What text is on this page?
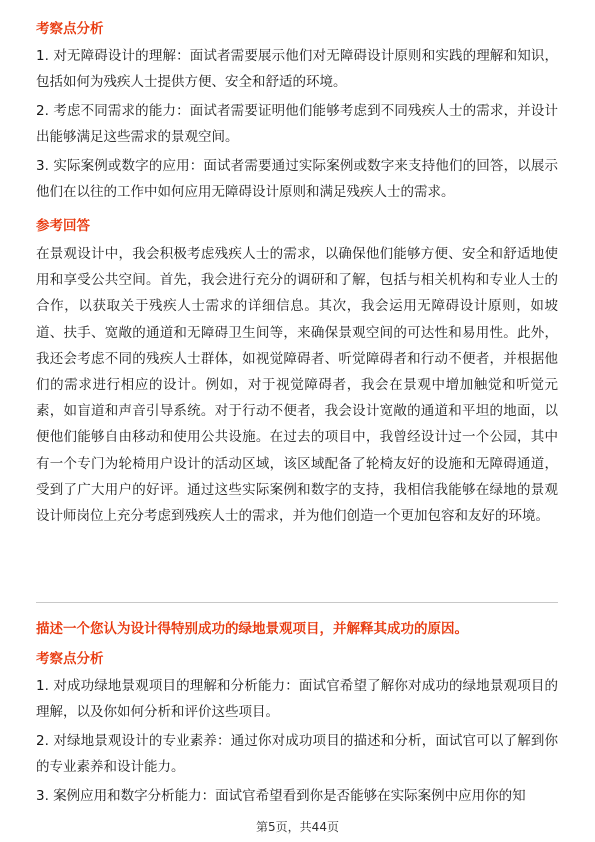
考察点分析

1. 对无障碍设计的理解：面试者需要展示他们对无障碍设计原则和实践的理解和知识，包括如何为残疾人士提供方便、安全和舒适的环境。

2. 考虑不同需求的能力：面试者需要证明他们能够考虑到不同残疾人士的需求，并设计出能够满足这些需求的景观空间。

3. 实际案例或数字的应用：面试者需要通过实际案例或数字来支持他们的回答，以展示他们在以往的工作中如何应用无障碍设计原则和满足残疾人士的需求。

参考回答

在景观设计中，我会积极考虑残疾人士的需求，以确保他们能够方便、安全和舒适地使用和享受公共空间。首先，我会进行充分的调研和了解，包括与相关机构和专业人士的合作，以获取关于残疾人士需求的详细信息。其次，我会运用无障碍设计原则，如坡道、扶手、宽敞的通道和无障碍卫生间等，来确保景观空间的可达性和易用性。此外，我还会考虑不同的残疾人士群体，如视觉障碍者、听觉障碍者和行动不便者，并根据他们的需求进行相应的设计。例如，对于视觉障碍者，我会在景观中增加触觉和听觉元素，如盲道和声音引导系统。对于行动不便者，我会设计宽敞的通道和平坦的地面，以便他们能够自由移动和使用公共设施。在过去的项目中，我曾经设计过一个公园，其中有一个专门为轮椅用户设计的活动区域，该区域配备了轮椅友好的设施和无障碍通道，受到了广大用户的好评。通过这些实际案例和数字的支持，我相信我能够在绿地的景观设计师岗位上充分考虑到残疾人士的需求，并为他们创造一个更加包容和友好的环境。

描述一个您认为设计得特别成功的绿地景观项目，并解释其成功的原因。
考察点分析

1. 对成功绿地景观项目的理解和分析能力：面试官希望了解你对成功的绿地景观项目的理解，以及你如何分析和评价这些项目。

2. 对绿地景观设计的专业素养：通过你对成功项目的描述和分析，面试官可以了解到你的专业素养和设计能力。

3. 案例应用和数字分析能力：面试官希望看到你是否能够在实际案例中应用你的知

第5页，共44页
